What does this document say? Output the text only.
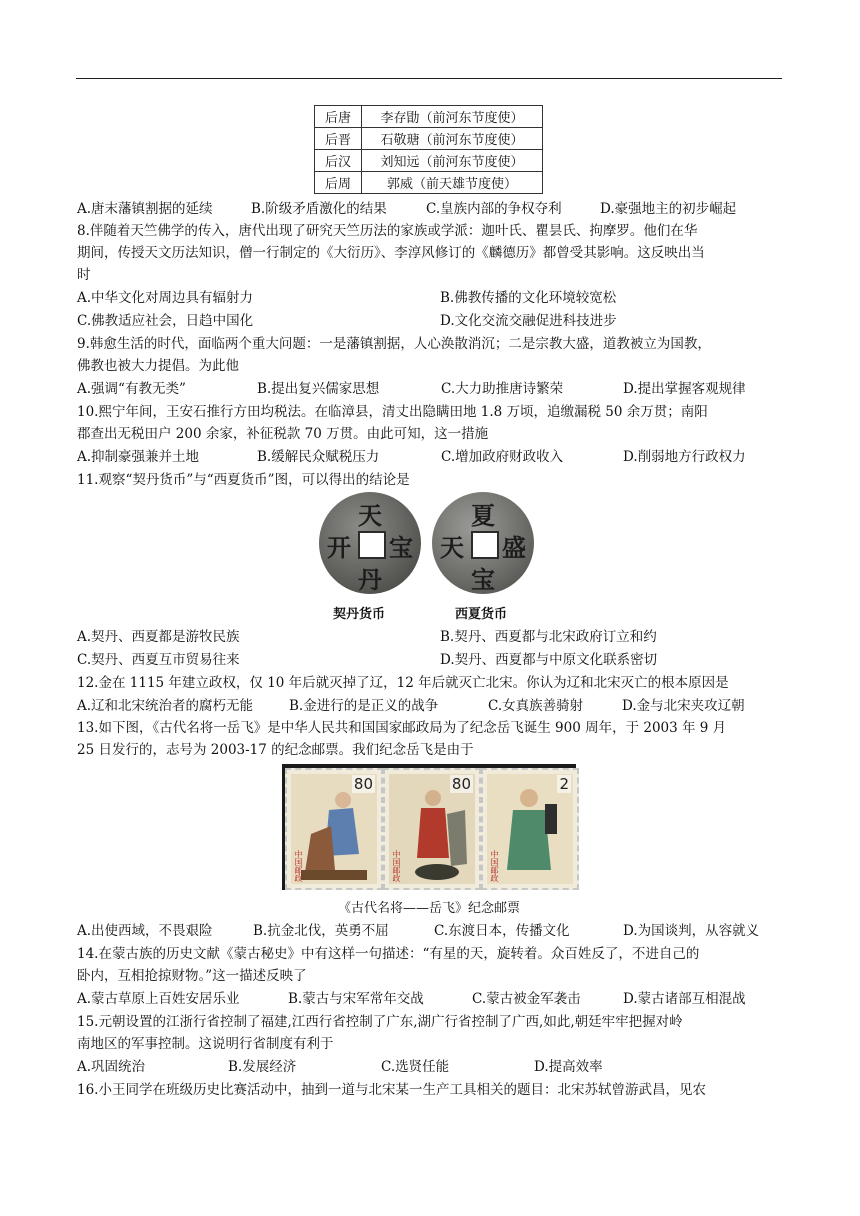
后唐	李存勖（前河东节度使）
后晋	石敬瑭（前河东节度使）
后汉	刘知远（前河东节度使）
后周	郭威（前天雄节度使）
A.唐末藩镇割据的延续	B.阶级矛盾激化的结果	C.皇族内部的争权夺利	D.豪强地主的初步崛起
8.伴随着天竺佛学的传入，唐代出现了研究天竺历法的家族或学派：迦叶氏、瞿昙氏、拘摩罗。他们在华
期间，传授天文历法知识，僧一行制定的《大衍历》、李淳风修订的《麟德历》都曾受其影响。这反映出当
时
A.中华文化对周边具有辐射力	B.佛教传播的文化环境较宽松
C.佛教适应社会，日趋中国化	D.文化交流交融促进科技进步
9.韩愈生活的时代，面临两个重大问题：一是藩镇割据，人心涣散消沉；二是宗教大盛，道教被立为国教，
佛教也被大力提倡。为此他
A.强调“有教无类”	B.提出复兴儒家思想	C.大力助推唐诗繁荣	D.提出掌握客观规律
10.熙宁年间，王安石推行方田均税法。在临漳县，清丈出隐瞒田地 1.8 万顷，追缴漏税 50 余万贯；南阳
郡查出无税田户 200 余家，补征税款 70 万贯。由此可知，这一措施
A.抑制豪强兼并土地	B.缓解民众赋税压力	C.增加政府财政收入	D.削弱地方行政权力
11.观察“契丹货币”与“西夏货币”图，可以得出的结论是
天
丹
开 宝
夏
宝
天 盛
契丹货币	西夏货币
A.契丹、西夏都是游牧民族	B.契丹、西夏都与北宋政府订立和约
C.契丹、西夏互市贸易往来	D.契丹、西夏都与中原文化联系密切
12.金在 1115 年建立政权，仅 10 年后就灭掉了辽，12 年后就灭亡北宋。你认为辽和北宋灭亡的根本原因是
A.辽和北宋统治者的腐朽无能	B.金进行的是正义的战争	C.女真族善骑射	D.金与北宋夹攻辽朝
13.如下图，《古代名将一岳飞》是中华人民共和国国家邮政局为了纪念岳飞诞生 900 周年，于 2003 年 9 月
25 日发行的，志号为 2003-17 的纪念邮票。我们纪念岳飞是由于
80
中国邮政
80
中国邮政
2
中国邮政
《古代名将——岳飞》纪念邮票
A.出使西域，不畏艰险	B.抗金北伐，英勇不屈	C.东渡日本，传播文化	D.为国谈判，从容就义
14.在蒙古族的历史文献《蒙古秘史》中有这样一句描述：“有星的天，旋转着。众百姓反了，不进自己的
卧内，互相抢掠财物。”这一描述反映了
A.蒙古草原上百姓安居乐业	B.蒙古与宋军常年交战	C.蒙古被金军袭击	D.蒙古诸部互相混战
15.元朝设置的江浙行省控制了福建,江西行省控制了广东,湖广行省控制了广西,如此,朝廷牢牢把握对岭
南地区的军事控制。这说明行省制度有利于
A.巩固统治	B.发展经济	C.选贤任能	D.提高效率
16.小王同学在班级历史比赛活动中，抽到一道与北宋某一生产工具相关的题目：北宋苏轼曾游武昌，见农
